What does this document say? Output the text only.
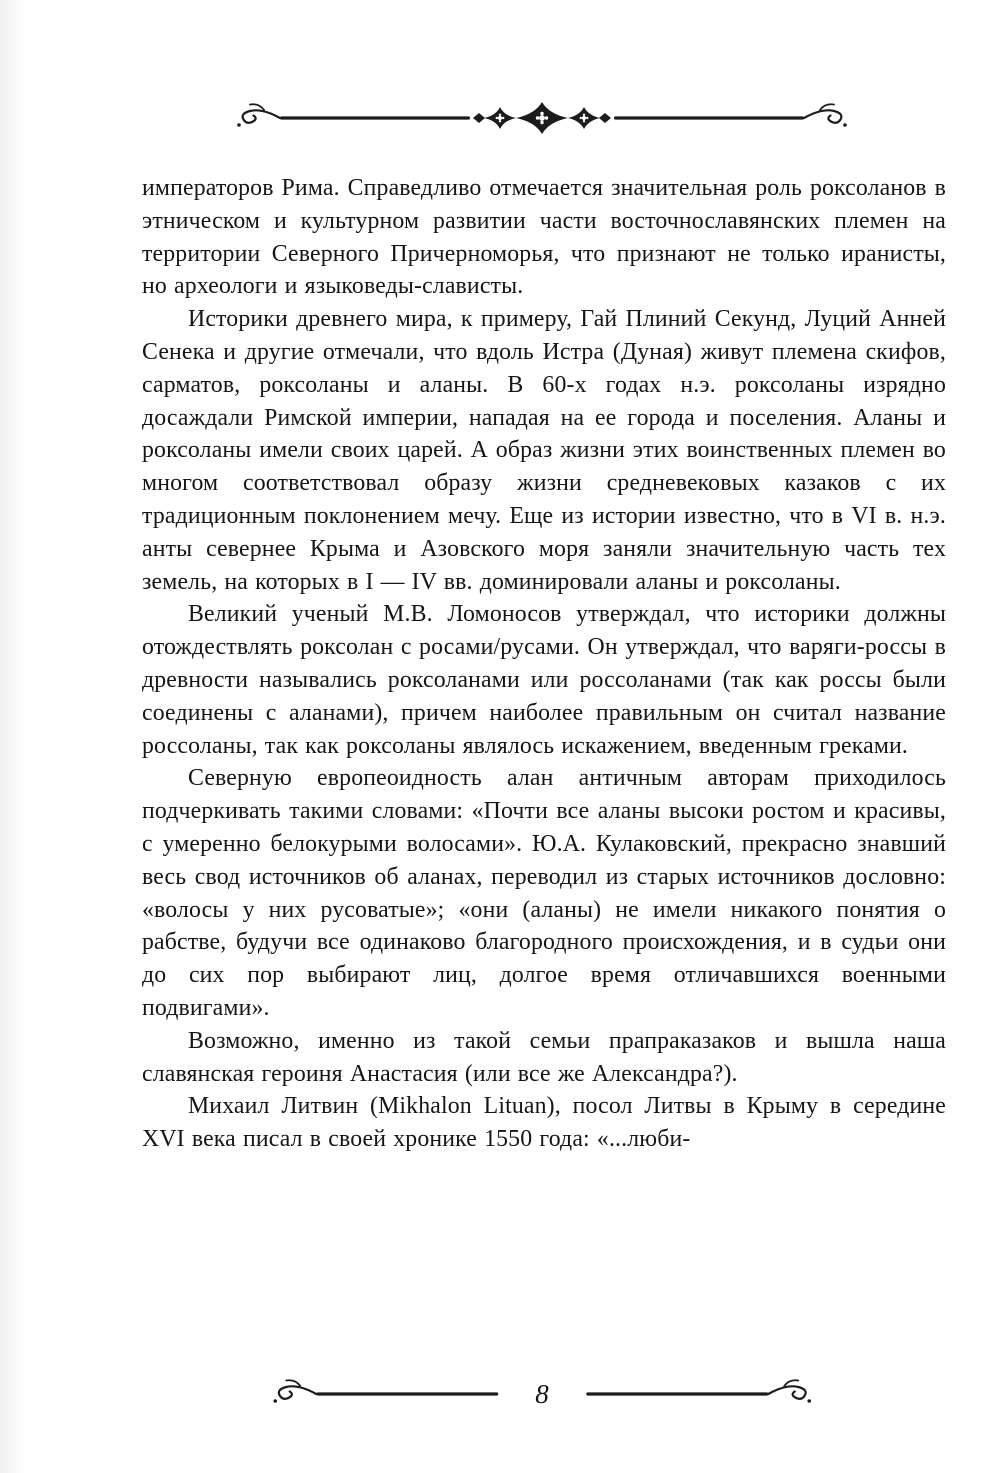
императоров Рима. Справедливо отмечается значительная роль роксоланов в этническом и культурном развитии части восточнославянских племен на территории Северного Причерноморья, что признают не только иранисты, но археологи и языковеды-слависты.

Историки древнего мира, к примеру, Гай Плиний Секунд, Луций Анней Сенека и другие отмечали, что вдоль Истра (Дуная) живут племена скифов, сарматов, роксоланы и аланы. В 60-х годах н.э. роксоланы изрядно досаждали Римской империи, нападая на ее города и поселения. Аланы и роксоланы имели своих царей. А образ жизни этих воинственных племен во многом соответствовал образу жизни средневековых казаков с их традиционным поклонением мечу. Еще из истории известно, что в VI в. н.э. анты севернее Крыма и Азовского моря заняли значительную часть тех земель, на которых в I — IV вв. доминировали аланы и роксоланы.

Великий ученый М.В. Ломоносов утверждал, что историки должны отождествлять роксолан с росами/русами. Он утверждал, что варяги-россы в древности назывались роксоланами или россоланами (так как россы были соединены с аланами), причем наиболее правильным он считал название россоланы, так как роксоланы являлось искажением, введенным греками.

Северную европеоидность алан античным авторам приходилось подчеркивать такими словами: «Почти все аланы высоки ростом и красивы, с умеренно белокурыми волосами». Ю.А. Кулаковский, прекрасно знавший весь свод источников об аланах, переводил из старых источников дословно: «волосы у них русоватые»; «они (аланы) не имели никакого понятия о рабстве, будучи все одинаково благородного происхождения, и в судьи они до сих пор выбирают лиц, долгое время отличавшихся военными подвигами».

Возможно, именно из такой семьи прапраказаков и вышла наша славянская героиня Анастасия (или все же Александра?).

Михаил Литвин (Mikhalon Lituan), посол Литвы в Крыму в середине XVI века писал в своей хронике 1550 года: «...люби-

8
